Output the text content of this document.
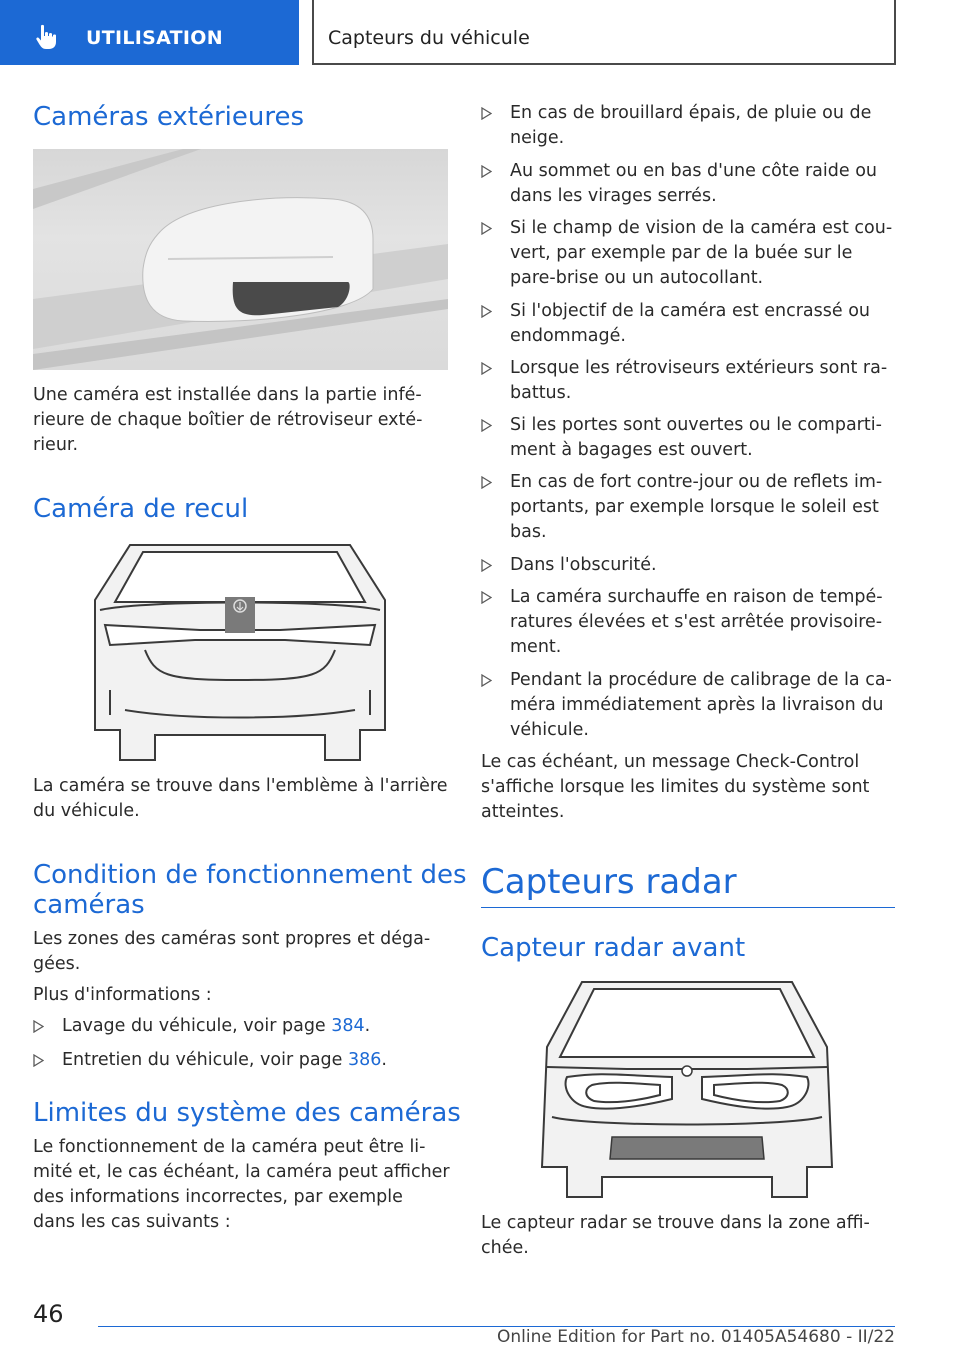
UTILISATION	Capteurs du véhicule
Caméras extérieures

Une caméra est installée dans la partie infé-
rieure de chaque boîtier de rétroviseur exté-
rieur.

Caméra de recul

La caméra se trouve dans l'emblème à l'arrière
du véhicule.

Condition de fonctionnement des
caméras

Les zones des caméras sont propres et déga-
gées.

Plus d'informations :

Lavage du véhicule, voir page 384.
Entretien du véhicule, voir page 386.
Limites du système des caméras

Le fonctionnement de la caméra peut être li-
mité et, le cas échéant, la caméra peut afficher
des informations incorrectes, par exemple
dans les cas suivants :

En cas de brouillard épais, de pluie ou de
neige.
Au sommet ou en bas d'une côte raide ou
dans les virages serrés.
Si le champ de vision de la caméra est cou-
vert, par exemple par de la buée sur le
pare-brise ou un autocollant.
Si l'objectif de la caméra est encrassé ou
endommagé.
Lorsque les rétroviseurs extérieurs sont ra-
battus.
Si les portes sont ouvertes ou le comparti-
ment à bagages est ouvert.
En cas de fort contre-jour ou de reflets im-
portants, par exemple lorsque le soleil est
bas.
Dans l'obscurité.
La caméra surchauffe en raison de tempé-
ratures élevées et s'est arrêtée provisoire-
ment.
Pendant la procédure de calibrage de la ca-
méra immédiatement après la livraison du
véhicule.

Le cas échéant, un message Check-Control
s'affiche lorsque les limites du système sont
atteintes.

Capteurs radar
Capteur radar avant

Le capteur radar se trouve dans la zone affi-
chée.

46
Online Edition for Part no. 01405A54680 - II/22
